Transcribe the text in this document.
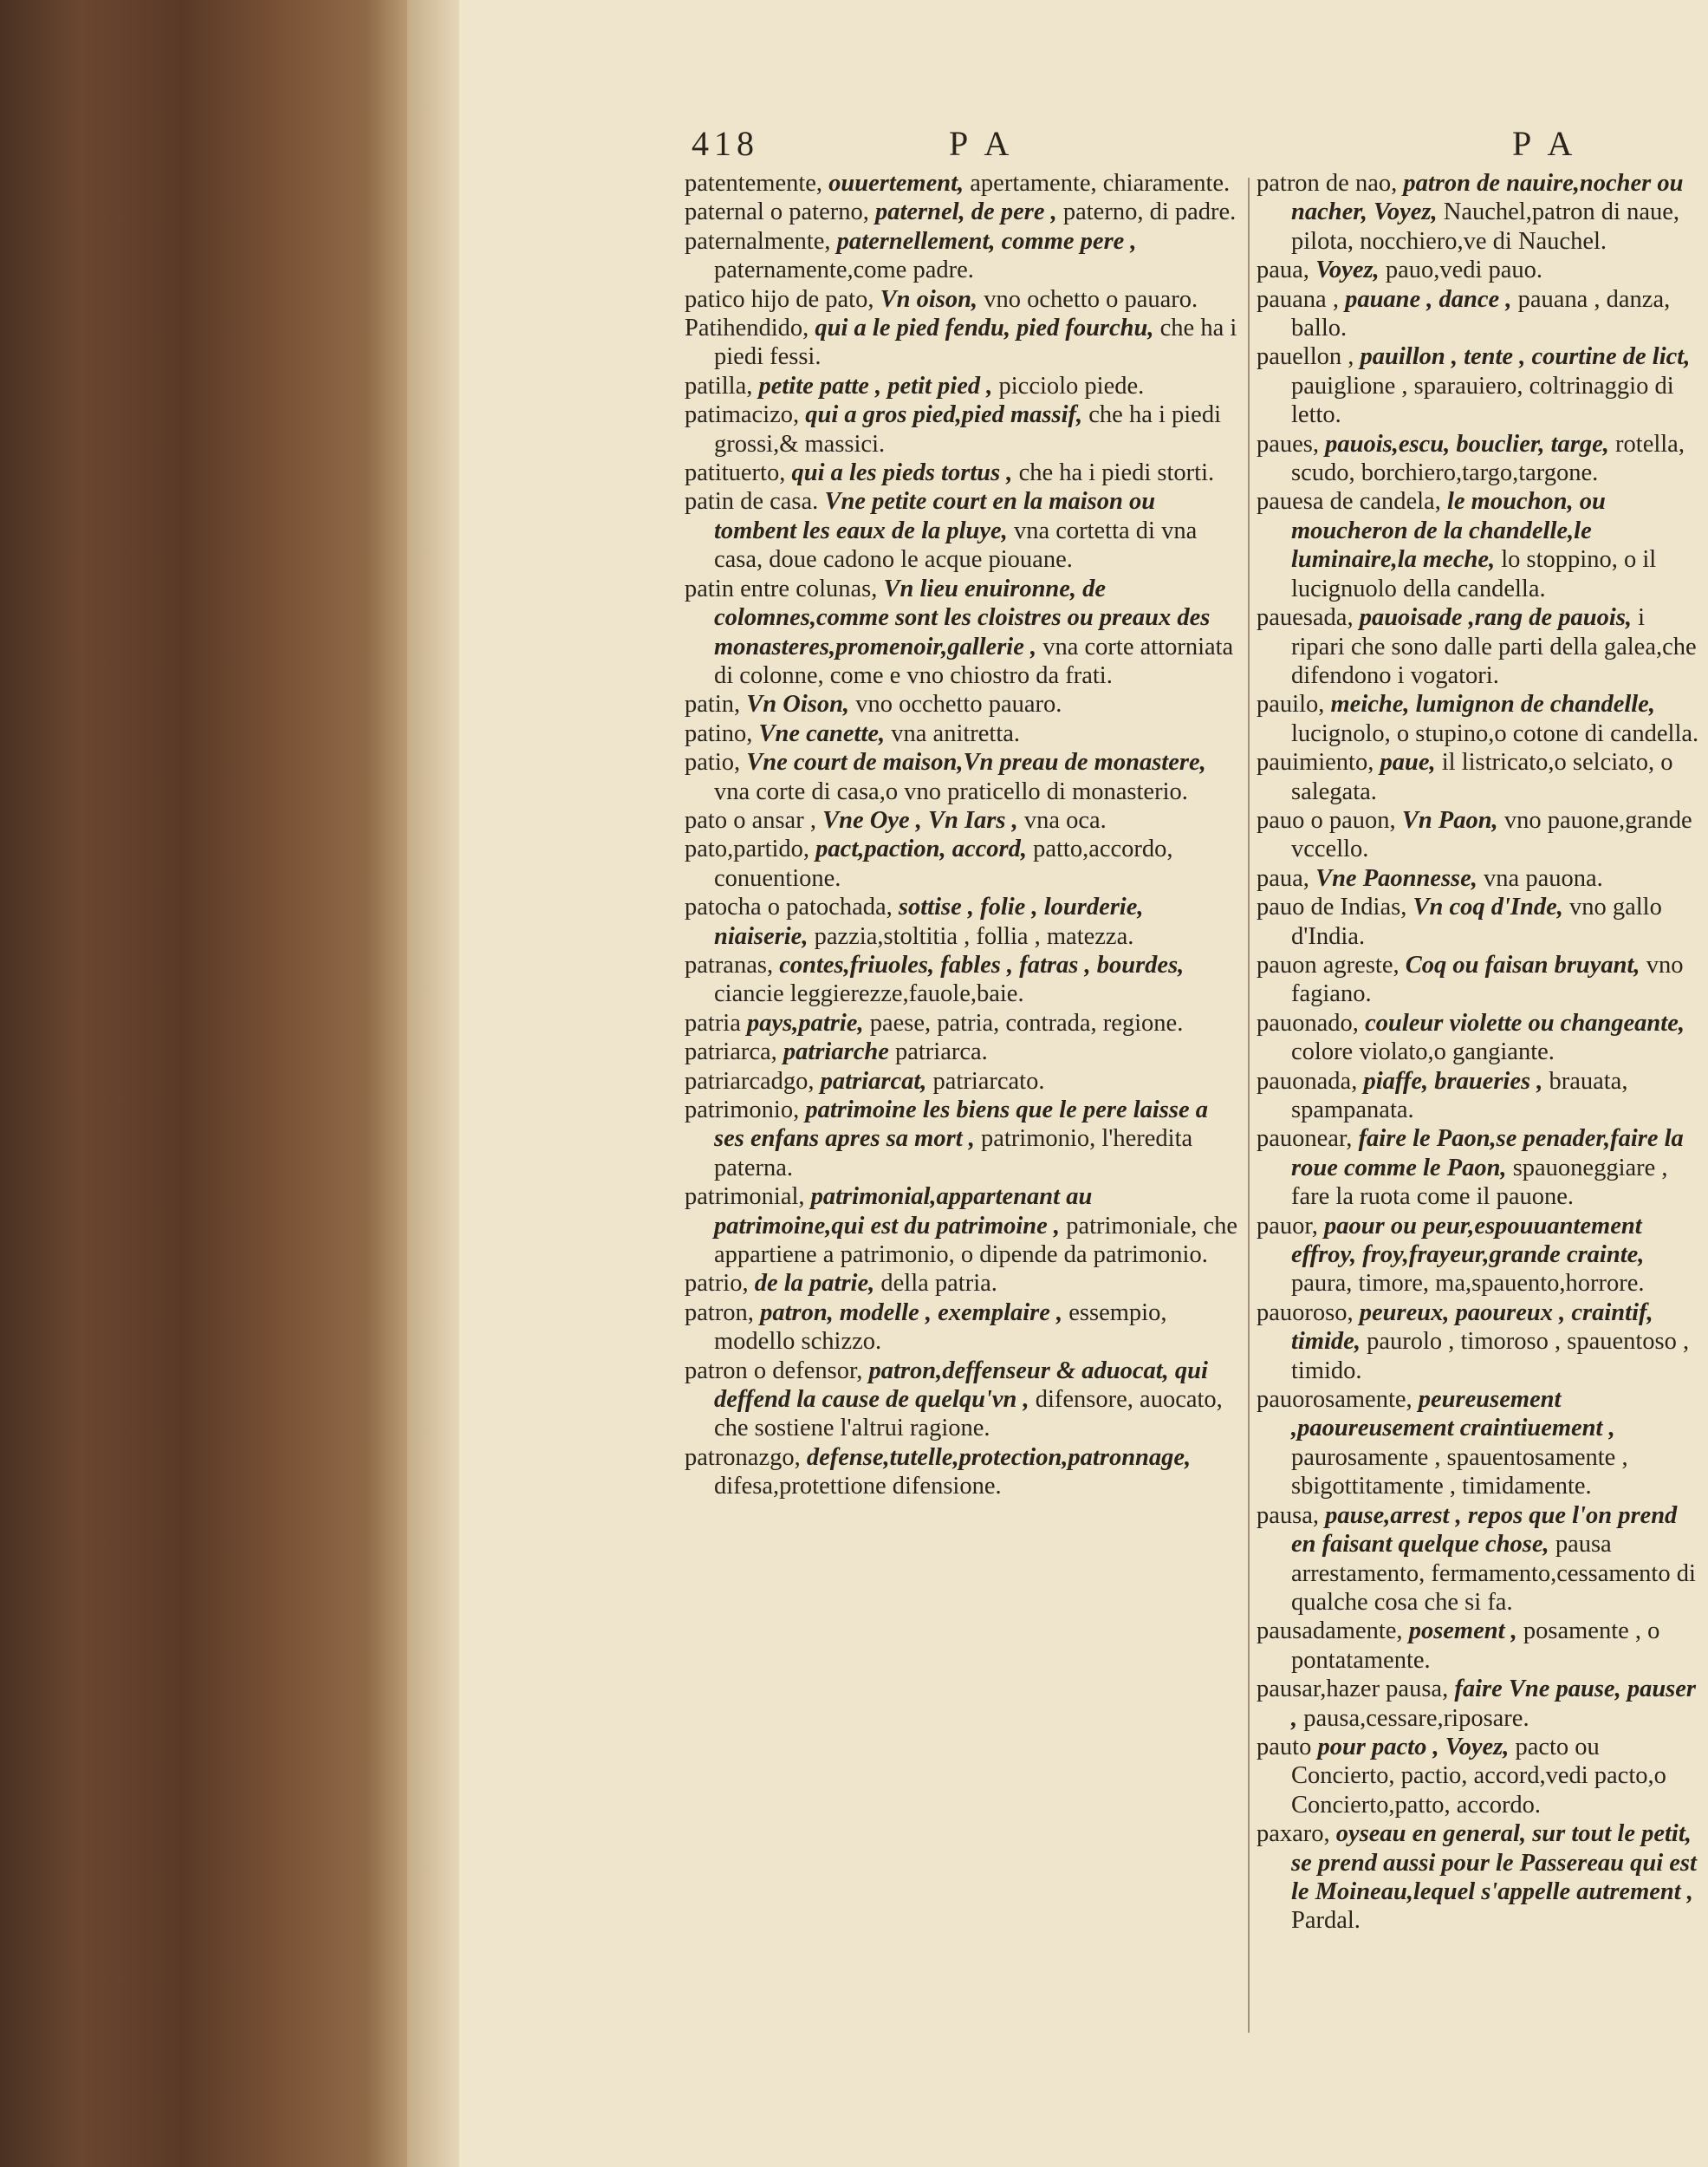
418	P A	P A
patentemente, ouuertement, apertamente, chiaramente.
paternal o paterno, paternel, de pere , paterno, di padre.
paternalmente, paternellement, comme pere , paternamente,come padre.
patico hijo de pato, Vn oison, vno ochetto o pauaro.
Patihendido, qui a le pied fendu, pied fourchu, che ha i piedi fessi.
patilla, petite patte , petit pied , picciolo piede.
patimacizo, qui a gros pied,pied massif, che ha i piedi grossi,& massici.
patituerto, qui a les pieds tortus , che ha i piedi storti.
patin de casa. Vne petite court en la maison ou tombent les eaux de la pluye, vna cortetta di vna casa, doue cadono le acque piouane.
patin entre colunas, Vn lieu enuironne, de colomnes,comme sont les cloistres ou preaux des monasteres,promenoir,gallerie , vna corte attorniata di colonne, come e vno chiostro da frati.
patin, Vn Oison, vno occhetto pauaro.
patino, Vne canette, vna anitretta.
patio, Vne court de maison,Vn preau de monastere, vna corte di casa,o vno praticello di monasterio.
pato o ansar , Vne Oye , Vn Iars , vna oca.
pato,partido, pact,paction, accord, patto,accordo, conuentione.
patocha o patochada, sottise , folie , lourderie, niaiserie, pazzia,stoltitia , follia , matezza.
patranas, contes,friuoles, fables , fatras , bourdes, ciancie leggierezze,fauole,baie.
patria pays,patrie, paese, patria, contrada, regione.
patriarca, patriarche patriarca.
patriarcadgo, patriarcat, patriarcato.
patrimonio, patrimoine les biens que le pere laisse a ses enfans apres sa mort , patrimonio, l'heredita paterna.
patrimonial, patrimonial,appartenant au patrimoine,qui est du patrimoine , patrimoniale, che appartiene a patrimonio, o dipende da patrimonio.
patrio, de la patrie, della patria.
patron, patron, modelle , exemplaire , essempio, modello schizzo.
patron o defensor, patron,deffenseur & aduocat, qui deffend la cause de quelqu'vn , difensore, auocato, che sostiene l'altrui ragione.
patronazgo, defense,tutelle,protection,patronnage, difesa,protettione difensione.
patron de nao, patron de nauire,nocher ou nacher, Voyez, Nauchel,patron di naue, pilota, nocchiero,ve di Nauchel.
paua, Voyez, pauo,vedi pauo.
pauana , pauane , dance , pauana , danza, ballo.
pauellon , pauillon , tente , courtine de lict, pauiglione , sparauiero, coltrinaggio di letto.
paues, pauois,escu, bouclier, targe, rotella, scudo, borchiero,targo,targone.
pauesa de candela, le mouchon, ou moucheron de la chandelle,le luminaire,la meche, lo stoppino, o il lucignuolo della candella.
pauesada, pauoisade ,rang de pauois, i ripari che sono dalle parti della galea,che difendono i vogatori.
pauilo, meiche, lumignon de chandelle, lucignolo, o stupino,o cotone di candella.
pauimiento, paue, il listricato,o selciato, o salegata.
pauo o pauon, Vn Paon, vno pauone,grande vccello.
paua, Vne Paonnesse, vna pauona.
pauo de Indias, Vn coq d'Inde, vno gallo d'India.
pauon agreste, Coq ou faisan bruyant, vno fagiano.
pauonado, couleur violette ou changeante, colore violato,o gangiante.
pauonada, piaffe, braueries , brauata, spampanata.
pauonear, faire le Paon,se penader,faire la roue comme le Paon, spauoneggiare , fare la ruota come il pauone.
pauor, paour ou peur,espouuantement effroy, froy,frayeur,grande crainte, paura, timore, ma,spauento,horrore.
pauoroso, peureux, paoureux , craintif, timide, paurolo , timoroso , spauentoso , timido.
pauorosamente, peureusement ,paoureusement craintiuement , paurosamente , spauentosamente , sbigottitamente , timidamente.
pausa, pause,arrest , repos que l'on prend en faisant quelque chose, pausa arrestamento, fermamento,cessamento di qualche cosa che si fa.
pausadamente, posement , posamente , o pontatamente.
pausar,hazer pausa, faire Vne pause, pauser , pausa,cessare,riposare.
pauto pour pacto , Voyez, pacto ou Concierto, pactio, accord,vedi pacto,o Concierto,patto, accordo.
paxaro, oyseau en general, sur tout le petit, se prend aussi pour le Passereau qui est le Moineau,lequel s'appelle autrement , Pardal.
